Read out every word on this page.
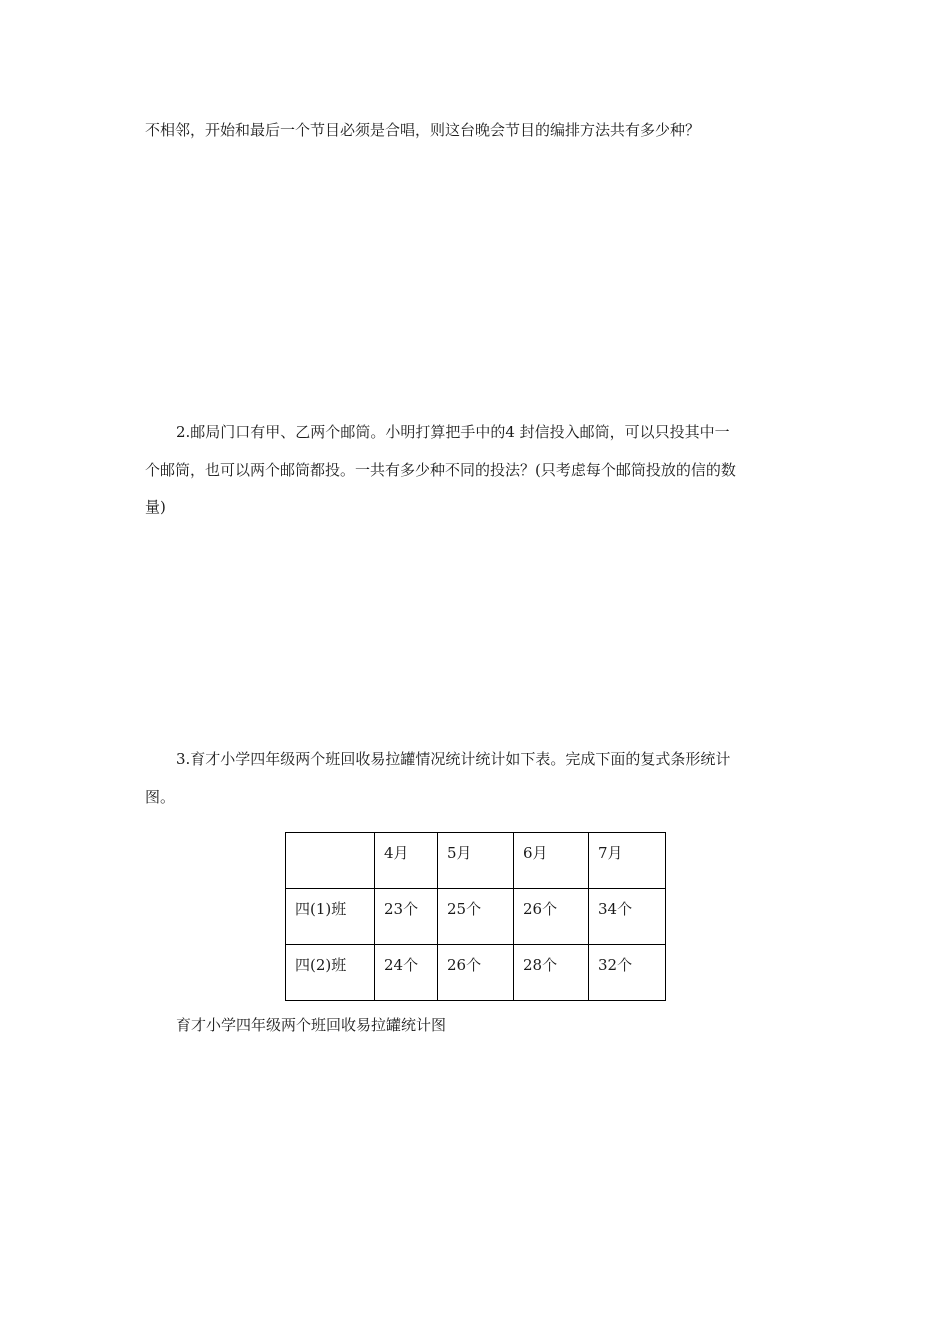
不相邻，开始和最后一个节目必须是合唱，则这台晚会节目的编排方法共有多少种？
2.邮局门口有甲、乙两个邮筒。小明打算把手中的4 封信投入邮筒，可以只投其中一
个邮筒，也可以两个邮筒都投。一共有多少种不同的投法？(只考虑每个邮筒投放的信的数
量)
3.育才小学四年级两个班回收易拉罐情况统计统计如下表。完成下面的复式条形统计
图。
	4月	5月	6月	7月
四(1)班	23个	25个	26个	34个
四(2)班	24个	26个	28个	32个
育才小学四年级两个班回收易拉罐统计图
